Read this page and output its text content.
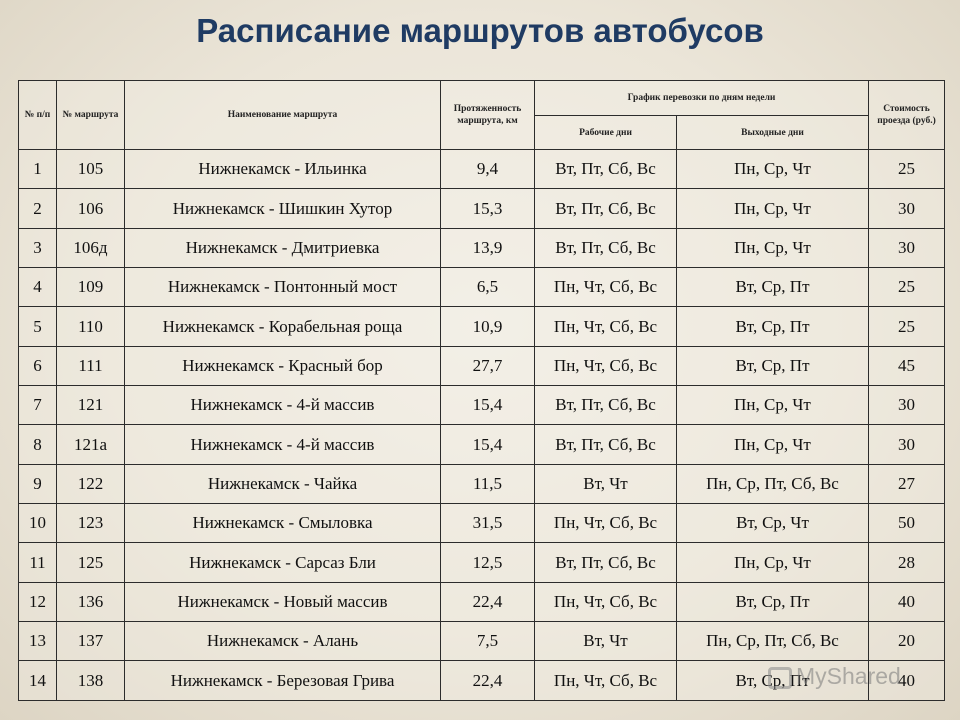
Расписание маршрутов автобусов
№ п/п	№ маршрута	Наименование маршрута	Протяженность маршрута, км	График перевозки по дням недели		Стоимость проезда (руб.)
				Рабочие дни	Выходные дни	
1	105	Нижнекамск - Ильинка	9,4	Вт, Пт, Сб, Вс	Пн, Ср, Чт	25
2	106	Нижнекамск - Шишкин Хутор	15,3	Вт, Пт, Сб, Вс	Пн, Ср, Чт	30
3	106д	Нижнекамск - Дмитриевка	13,9	Вт, Пт, Сб, Вс	Пн, Ср, Чт	30
4	109	Нижнекамск - Понтонный мост	6,5	Пн, Чт, Сб, Вс	Вт, Ср, Пт	25
5	110	Нижнекамск - Корабельная роща	10,9	Пн, Чт, Сб, Вс	Вт, Ср, Пт	25
6	111	Нижнекамск - Красный бор	27,7	Пн, Чт, Сб, Вс	Вт, Ср, Пт	45
7	121	Нижнекамск - 4-й массив	15,4	Вт, Пт, Сб, Вс	Пн, Ср, Чт	30
8	121а	Нижнекамск - 4-й массив	15,4	Вт, Пт, Сб, Вс	Пн, Ср, Чт	30
9	122	Нижнекамск - Чайка	11,5	Вт, Чт	Пн, Ср, Пт, Сб, Вс	27
10	123	Нижнекамск - Смыловка	31,5	Пн, Чт, Сб, Вс	Вт, Ср, Чт	50
11	125	Нижнекамск - Сарсаз Бли	12,5	Вт, Пт, Сб, Вс	Пн, Ср, Чт	28
12	136	Нижнекамск - Новый массив	22,4	Пн, Чт, Сб, Вс	Вт, Ср, Пт	40
13	137	Нижнекамск - Алань	7,5	Вт, Чт	Пн, Ср, Пт, Сб, Вс	20
14	138	Нижнекамск - Березовая Грива	22,4	Пн, Чт, Сб, Вс	Вт, Ср, Пт	40
MyShared
